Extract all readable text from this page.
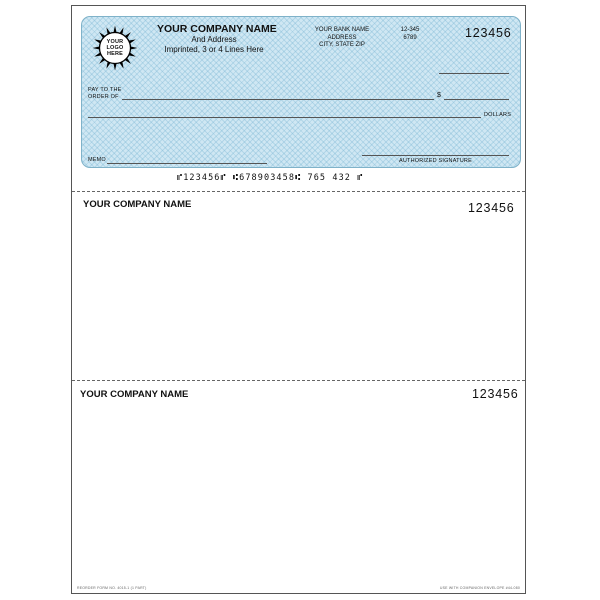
YOUR
LOGO
HERE
YOUR COMPANY NAME
And Address
Imprinted, 3 or 4 Lines Here
YOUR BANK NAME
ADDRESS
CITY, STATE ZIP
12-345
6789	123456
PAY TO THE
ORDER OF	$
DOLLARS
MEMO	AUTHORIZED SIGNATURE
⑈123456⑈ ⑆678903458⑆ 765 432 ⑈
YOUR COMPANY NAME	123456
YOUR COMPANY NAME	123456
REORDER FORM NO. 4015-1 (1 PART)	USE WITH COMPANION ENVELOPE #44-080
